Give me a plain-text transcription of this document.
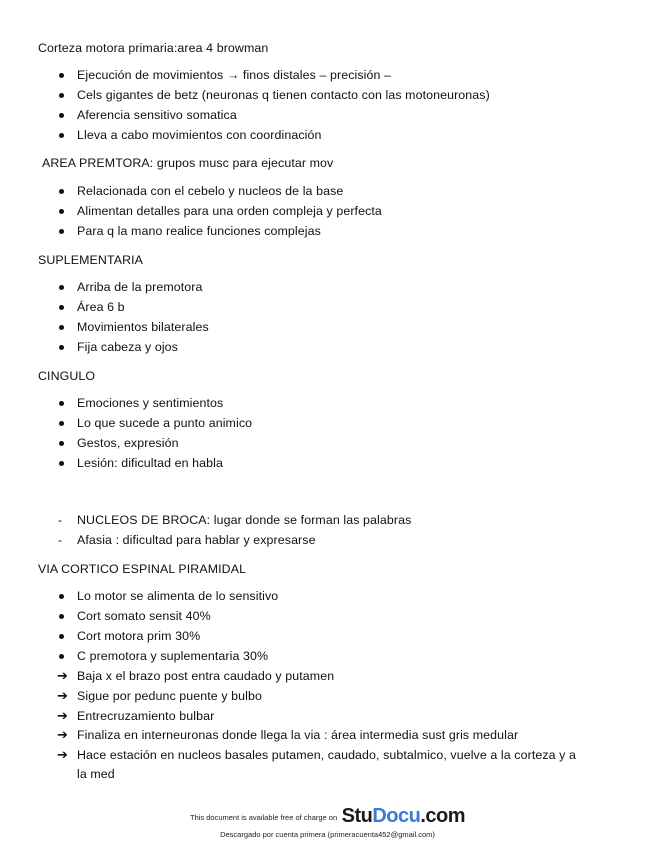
Corteza motora primaria:area 4 browman
Ejecución de movimientos → finos distales – precisión –
Cels gigantes de betz (neuronas q tienen contacto con las motoneuronas)
Aferencia sensitivo somatica
Lleva a cabo movimientos con coordinación
AREA PREMTORA: grupos musc para ejecutar mov
Relacionada con el cebelo y nucleos de la base
Alimentan detalles para una orden compleja y perfecta
Para q la mano realice funciones complejas
SUPLEMENTARIA
Arriba de la premotora
Área 6 b
Movimientos bilaterales
Fija cabeza y ojos
CINGULO
Emociones y sentimientos
Lo que sucede a punto animico
Gestos, expresión
Lesión: dificultad en habla
- NUCLEOS DE BROCA: lugar donde se forman las palabras
- Afasia : dificultad para hablar y expresarse
VIA CORTICO ESPINAL PIRAMIDAL
Lo motor se alimenta de lo sensitivo
Cort somato sensit 40%
Cort motora prim 30%
C premotora y suplementaria 30%
➔ Baja x el brazo post entra caudado y putamen
➔ Sigue por pedunc puente y bulbo
➔ Entrecruzamiento bulbar
➔ Finaliza en interneuronas donde llega la via : área intermedia sust gris medular
➔ Hace estación en nucleos basales putamen, caudado, subtalmico, vuelve a la corteza y a
la med
This document is available free of charge on StuDocu.com
Descargado por cuenta primera (primeracuenta452@gmail.com)
